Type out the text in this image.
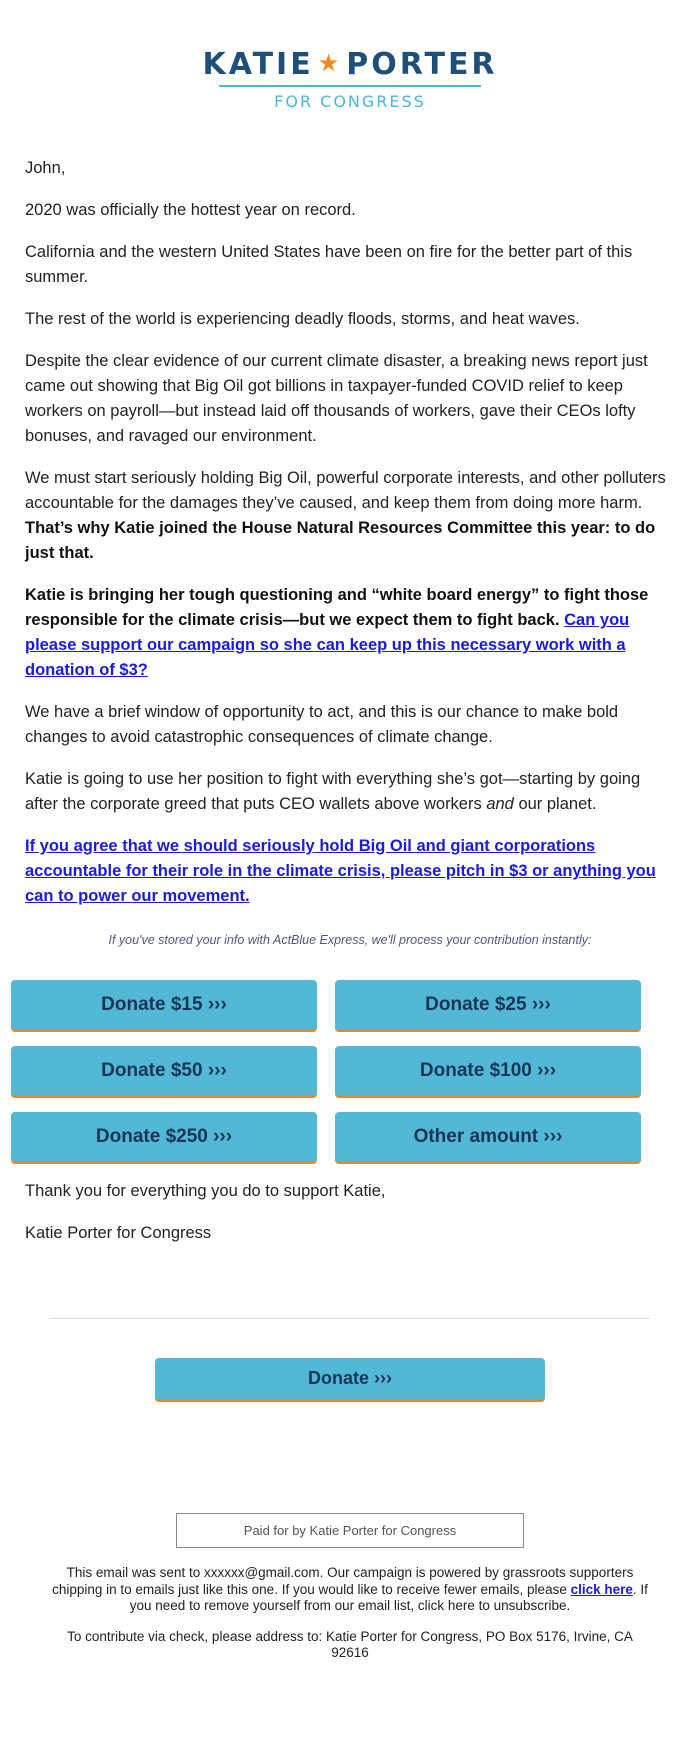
KATIE ★ PORTER
FOR CONGRESS

John,

2020 was officially the hottest year on record.

California and the western United States have been on fire for the better part of this summer.

The rest of the world is experiencing deadly floods, storms, and heat waves.

Despite the clear evidence of our current climate disaster, a breaking news report just came out showing that Big Oil got billions in taxpayer-funded COVID relief to keep workers on payroll—but instead laid off thousands of workers, gave their CEOs lofty bonuses, and ravaged our environment.

We must start seriously holding Big Oil, powerful corporate interests, and other polluters accountable for the damages they’ve caused, and keep them from doing more harm. That’s why Katie joined the House Natural Resources Committee this year: to do just that.

Katie is bringing her tough questioning and “white board energy” to fight those responsible for the climate crisis—but we expect them to fight back. Can you please support our campaign so she can keep up this necessary work with a donation of $3?

We have a brief window of opportunity to act, and this is our chance to make bold changes to avoid catastrophic consequences of climate change.

Katie is going to use her position to fight with everything she’s got—starting by going after the corporate greed that puts CEO wallets above workers and our planet.

If you agree that we should seriously hold Big Oil and giant corporations accountable for their role in the climate crisis, please pitch in $3 or anything you can to power our movement.

If you've stored your info with ActBlue Express, we'll process your contribution instantly:
Donate $15 ›››	Donate $25 ›››
Donate $50 ›››	Donate $100 ›››
Donate $250 ›››	Other amount ›››

Thank you for everything you do to support Katie,

Katie Porter for Congress

Donate ›››
Paid for by Katie Porter for Congress

This email was sent to xxxxxx@gmail.com. Our campaign is powered by grassroots supporters chipping in to emails just like this one. If you would like to receive fewer emails, please click here. If you need to remove yourself from our email list, click here to unsubscribe.

To contribute via check, please address to: Katie Porter for Congress, PO Box 5176, Irvine, CA 92616
